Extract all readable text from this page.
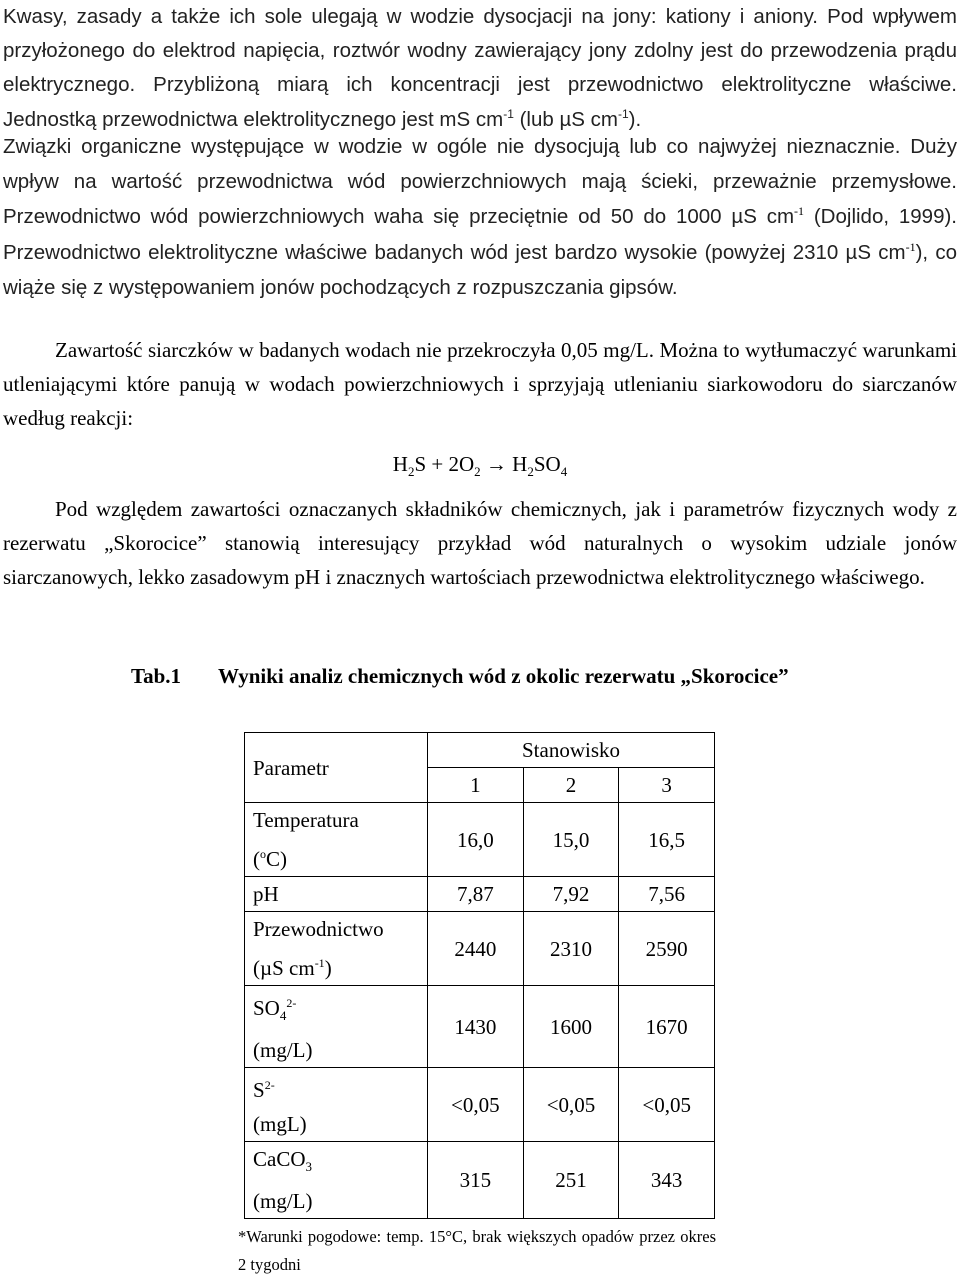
Kwasy, zasady a także ich sole ulegają w wodzie dysocjacji na jony: kationy i aniony. Pod wpływem przyłożonego do elektrod napięcia, roztwór wodny zawierający jony zdolny jest do przewodzenia prądu elektrycznego. Przybliżoną miarą ich koncentracji jest przewodnictwo elektrolityczne właściwe. Jednostką przewodnictwa elektrolitycznego jest mS $cm^{-1}$ (lub µS $cm^{-1}$).

Związki organiczne występujące w wodzie w ogóle nie dysocjują lub co najwyżej nieznacznie. Duży wpływ na wartość przewodnictwa wód powierzchniowych mają ścieki, przeważnie przemysłowe. Przewodnictwo wód powierzchniowych waha się przeciętnie od 50 do 1000 µS $cm^{-1}$ (Dojlido, 1999). Przewodnictwo elektrolityczne właściwe badanych wód jest bardzo wysokie (powyżej 2310 µS $cm^{-1}$), co wiąże się z występowaniem jonów pochodzących z rozpuszczania gipsów.

Zawartość siarczków w badanych wodach nie przekroczyła 0,05 mg/L. Można to wytłumaczyć warunkami utleniającymi które panują w wodach powierzchniowych i sprzyjają utlenianiu siarkowodoru do siarczanów według reakcji:

$H_2S + 2O_2 \to H_2SO_4$

Pod względem zawartości oznaczanych składników chemicznych, jak i parametrów fizycznych wody z rezerwatu „Skorocice” stanowią interesujący przykład wód naturalnych o wysokim udziale jonów siarczanowych, lekko zasadowym pH i znacznych wartościach przewodnictwa elektrolitycznego właściwego.

Tab.1 Wyniki analiz chemicznych wód z okolic rezerwatu „Skorocice”
Parametr	Stanowisko		
	1	2	3

Temperatura
($^o$C)	16,0	15,0	16,5
pH	7,87	7,92	7,56

Przewodnictwo
(µS $cm^{-1}$)	2440	2310	2590

$SO_4^{2-}$
(mg/L)	1430	1600	1670

$S^{2-}$
(mgL)	<0,05	<0,05	<0,05

CaCO$_3$
(mg/L)	315	251	343

*Warunki pogodowe: temp. 15°C, brak większych opadów przez okres 2 tygodni
